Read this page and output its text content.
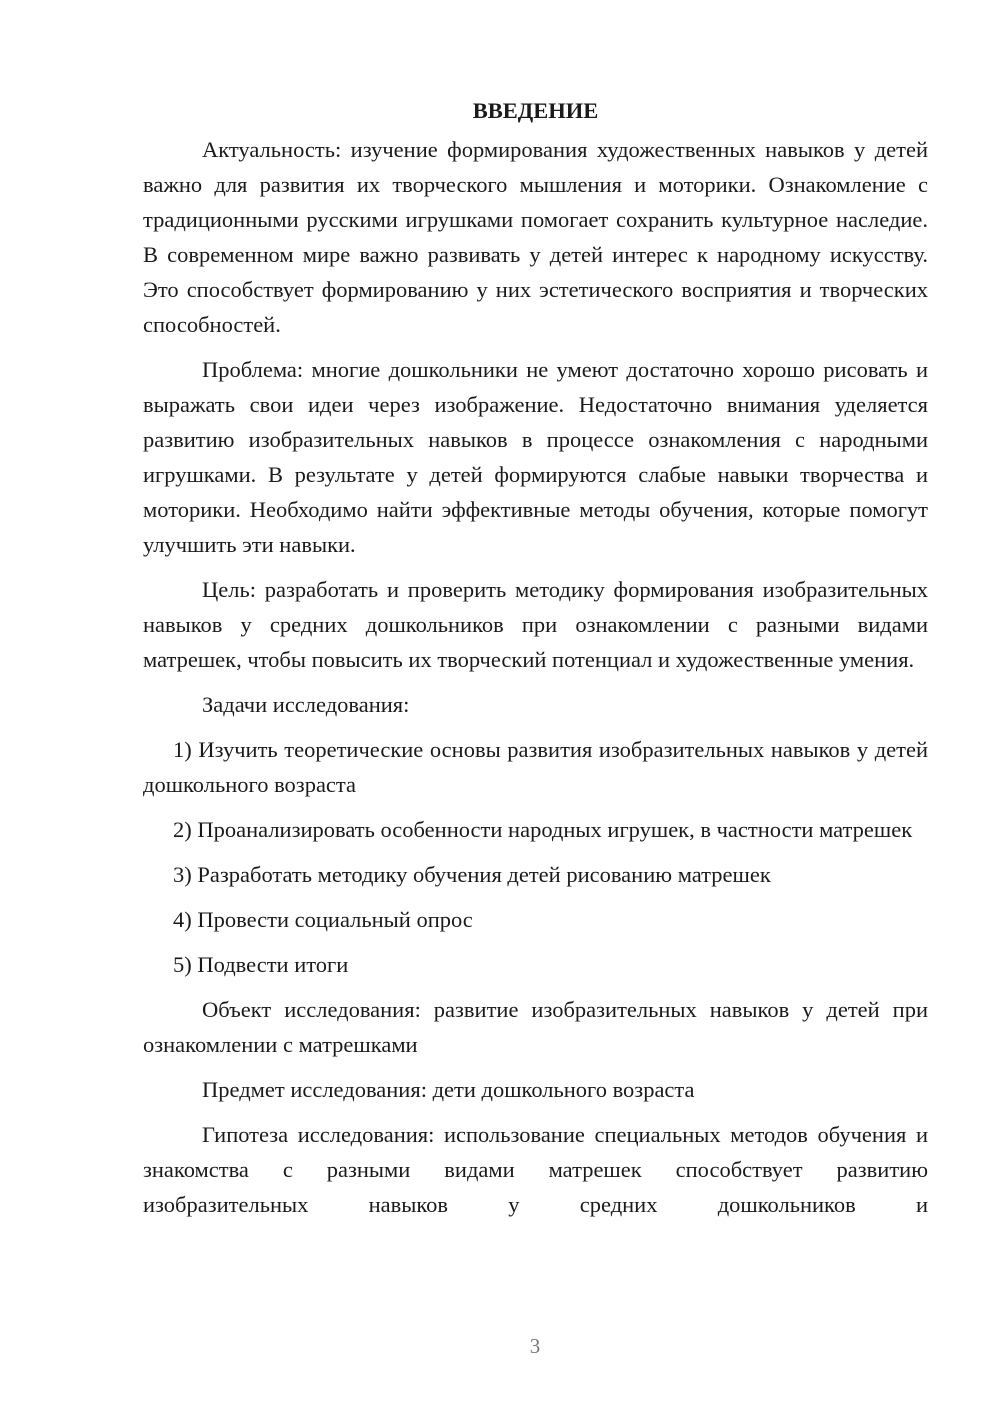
ВВЕДЕНИЕ

Актуальность: изучение формирования художественных навыков у детей важно для развития их творческого мышления и моторики. Ознакомление с традиционными русскими игрушками помогает сохранить культурное наследие. В современном мире важно развивать у детей интерес к народному искусству. Это способствует формированию у них эстетического восприятия и творческих способностей.

Проблема: многие дошкольники не умеют достаточно хорошо рисовать и выражать свои идеи через изображение. Недостаточно внимания уделяется развитию изобразительных навыков в процессе ознакомления с народными игрушками. В результате у детей формируются слабые навыки творчества и моторики. Необходимо найти эффективные методы обучения, которые помогут улучшить эти навыки.

Цель: разработать и проверить методику формирования изобразительных навыков у средних дошкольников при ознакомлении с разными видами матрешек, чтобы повысить их творческий потенциал и художественные умения.

Задачи исследования:

1) Изучить теоретические основы развития изобразительных навыков у детей дошкольного возраста

2) Проанализировать особенности народных игрушек, в частности матрешек

3) Разработать методику обучения детей рисованию матрешек

4) Провести социальный опрос

5) Подвести итоги

Объект исследования: развитие изобразительных навыков у детей при ознакомлении с матрешками

Предмет исследования: дети дошкольного возраста

Гипотеза исследования: использование специальных методов обучения и знакомства с разными видами матрешек способствует развитию изобразительных навыков у средних дошкольников и

3
